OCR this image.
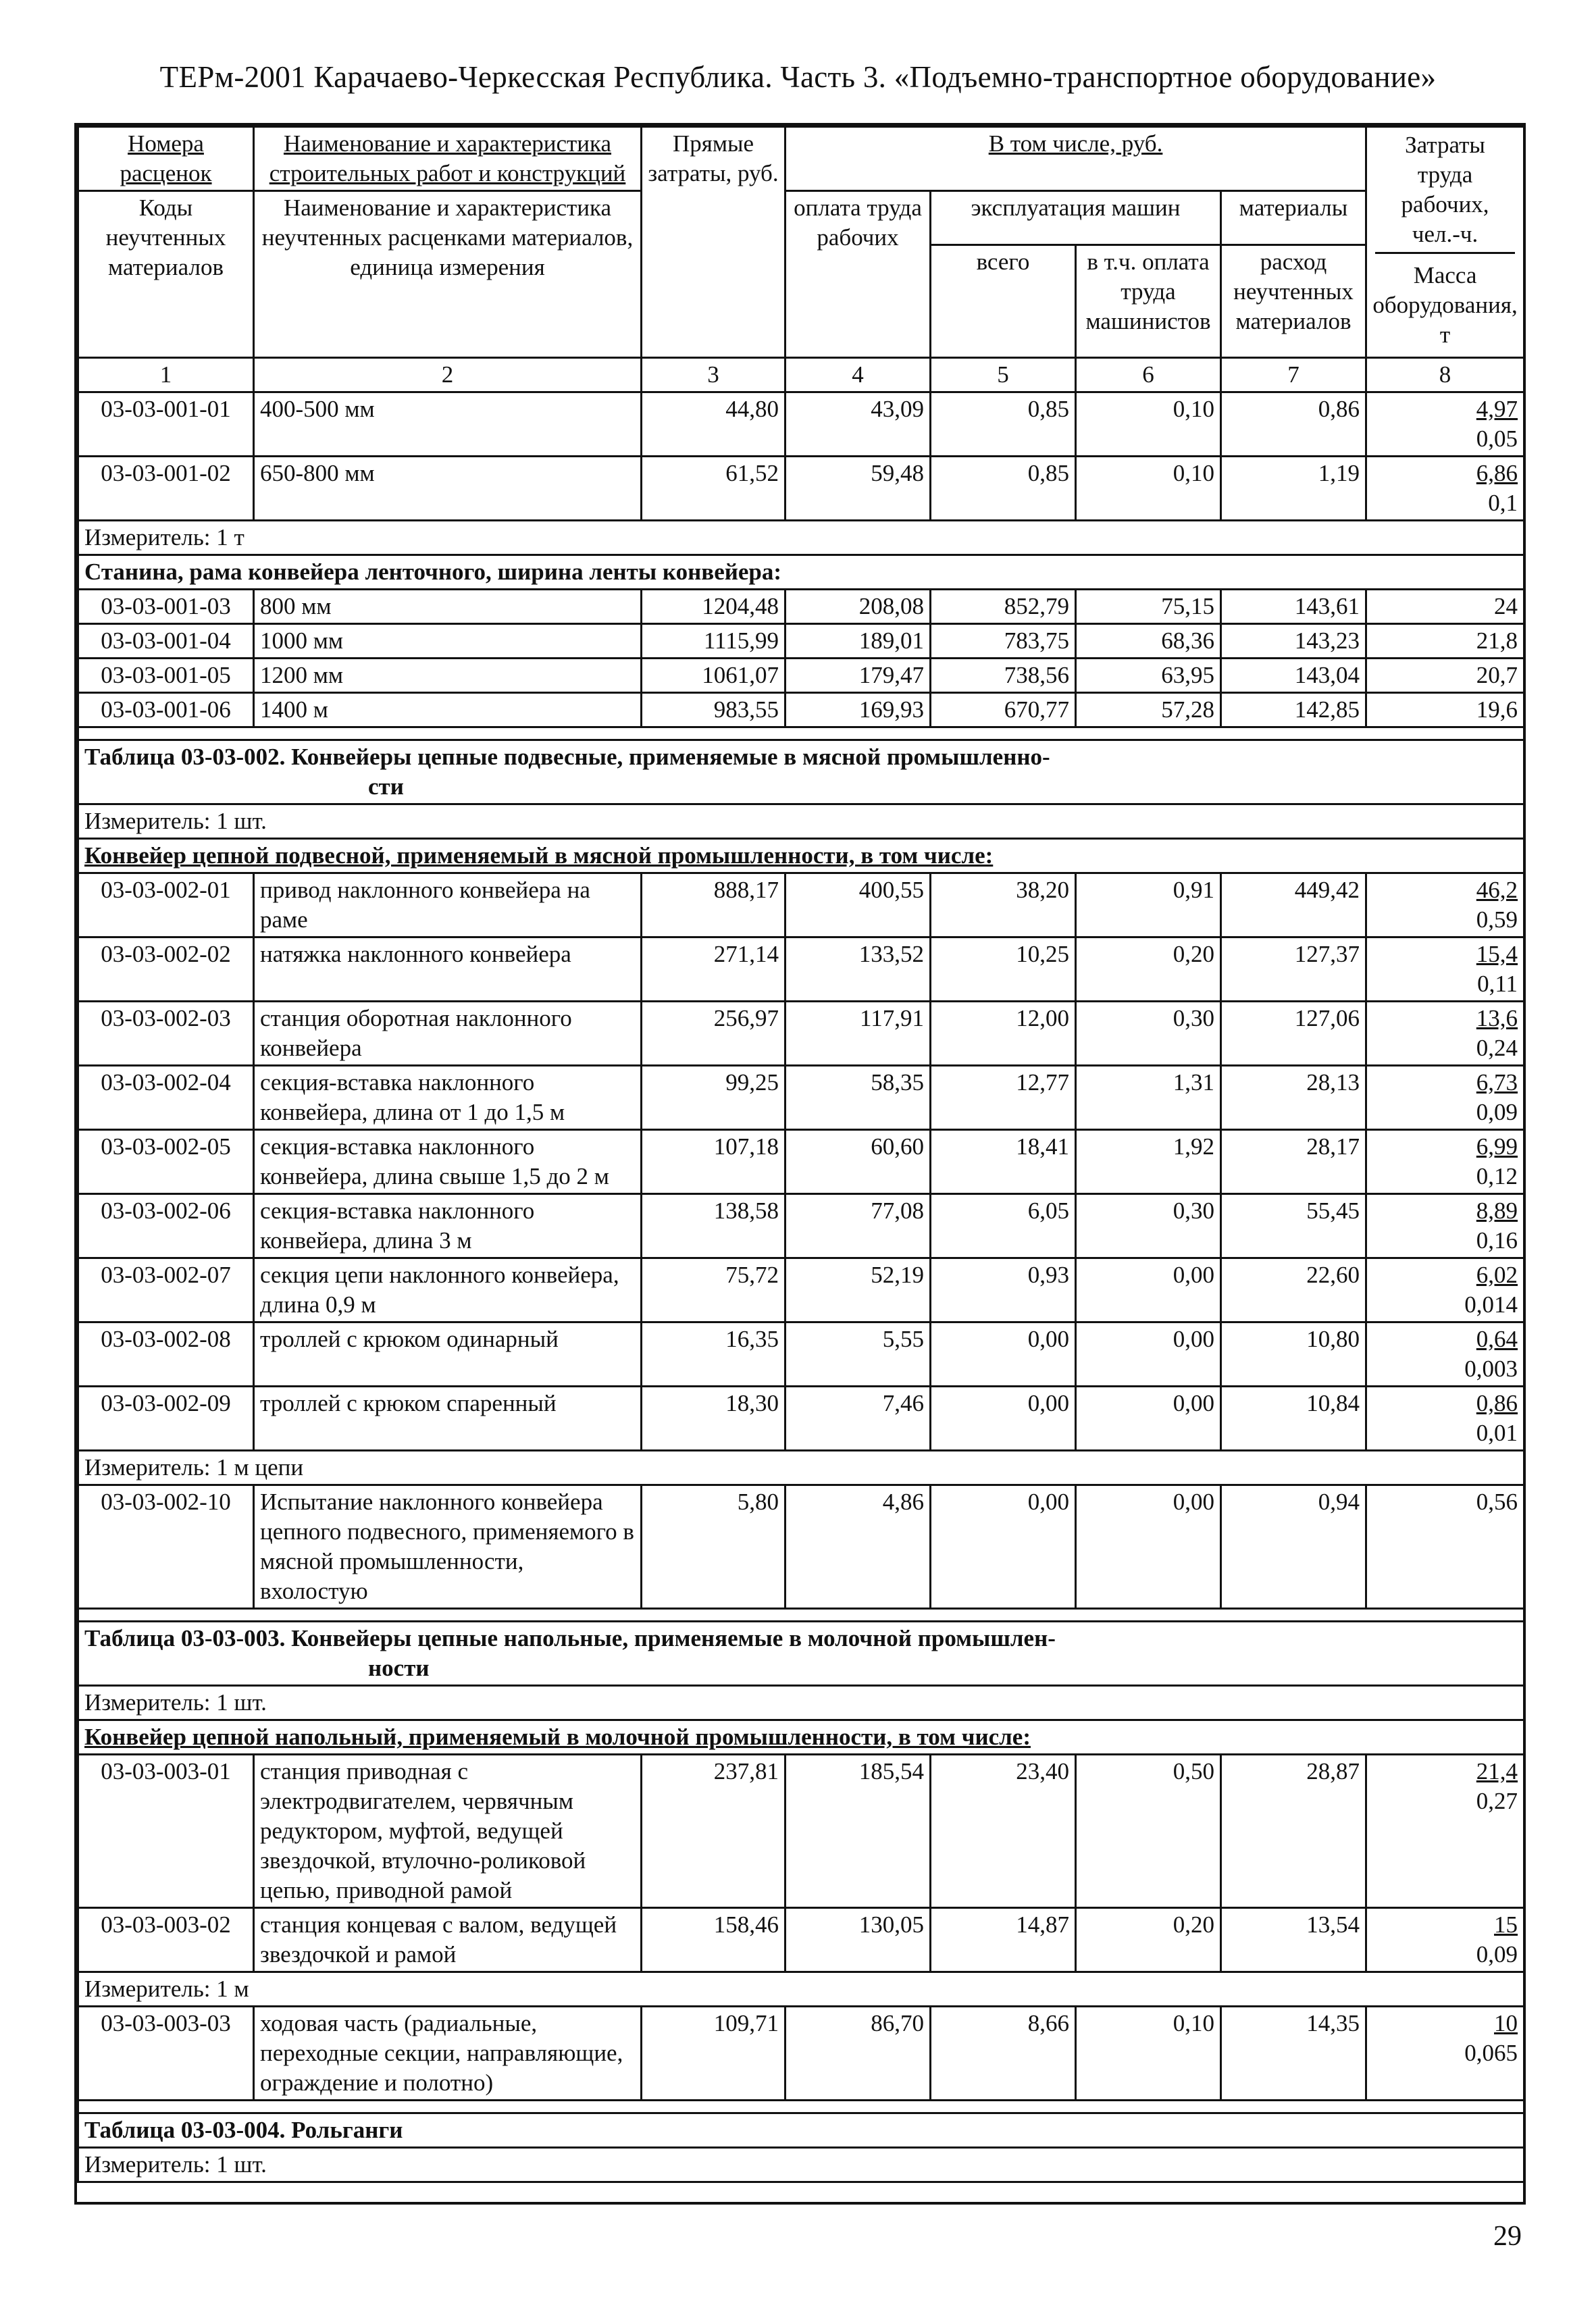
ТЕРм-2001 Карачаево-Черкесская Республика. Часть 3. «Подъемно-транспортное оборудование»
Номера расценок	Наименование и характеристика строительных работ и конструкций	Прямые затраты, руб.	В том числе, руб.				Затраты труда рабочих, чел.-ч.
Масса оборудования, т

Коды неучтенных материалов	Наименование и характеристика неучтенных расценками материалов, единица измерения		оплата труда рабочих	эксплуатация машин		материалы	
				всего	в т.ч. оплата труда машинистов	расход неучтенных материалов	

1	2	3	4	5	6	7	8
03-03-001-01	400-500 мм	44,80	43,09	0,85	0,10	0,86	4,97
0,05

03-03-001-02	650-800 мм	61,52	59,48	0,85	0,10	1,19	6,86
0,1

Измеритель: 1 т							
Станина, рама конвейера ленточного, ширина ленты конвейера:							
03-03-001-03	800 мм	1204,48	208,08	852,79	75,15	143,61	24

03-03-001-04	1000 мм	1115,99	189,01	783,75	68,36	143,23	21,8

03-03-001-05	1200 мм	1061,07	179,47	738,56	63,95	143,04	20,7

03-03-001-06	1400 м	983,55	169,93	670,77	57,28	142,85	19,6

Таблица 03-03-002. Конвейеры цепные подвесные, применяемые в мясной промышленно-
сти							

Измеритель: 1 шт.							
Конвейер цепной подвесной, применяемый в мясной промышленности, в том числе:							
03-03-002-01	привод наклонного конвейера на раме	888,17	400,55	38,20	0,91	449,42	46,2
0,59

03-03-002-02	натяжка наклонного конвейера	271,14	133,52	10,25	0,20	127,37	15,4
0,11

03-03-002-03	станция оборотная наклонного конвейера	256,97	117,91	12,00	0,30	127,06	13,6
0,24

03-03-002-04	секция-вставка наклонного конвейера, длина от 1 до 1,5 м	99,25	58,35	12,77	1,31	28,13	6,73
0,09

03-03-002-05	секция-вставка наклонного конвейера, длина свыше 1,5 до 2 м	107,18	60,60	18,41	1,92	28,17	6,99
0,12

03-03-002-06	секция-вставка наклонного конвейера, длина 3 м	138,58	77,08	6,05	0,30	55,45	8,89
0,16

03-03-002-07	секция цепи наклонного конвейера, длина 0,9 м	75,72	52,19	0,93	0,00	22,60	6,02
0,014

03-03-002-08	троллей с крюком одинарный	16,35	5,55	0,00	0,00	10,80	0,64
0,003

03-03-002-09	троллей с крюком спаренный	18,30	7,46	0,00	0,00	10,84	0,86
0,01

Измеритель: 1 м цепи							
03-03-002-10	Испытание наклонного конвейера цепного подвесного, применяемого в мясной промышленности, вхолостую	5,80	4,86	0,00	0,00	0,94	0,56

Таблица 03-03-003. Конвейеры цепные напольные, применяемые в молочной промышлен-
ности							

Измеритель: 1 шт.							
Конвейер цепной напольный, применяемый в молочной промышленности, в том числе:							
03-03-003-01	станция приводная с электродвигателем, червячным редуктором, муфтой, ведущей звездочкой, втулочно-роликовой цепью, приводной рамой	237,81	185,54	23,40	0,50	28,87	21,4
0,27

03-03-003-02	станция концевая с валом, ведущей звездочкой и рамой	158,46	130,05	14,87	0,20	13,54	15
0,09

Измеритель: 1 м							
03-03-003-03	ходовая часть (радиальные, переходные секции, направляющие, ограждение и полотно)	109,71	86,70	8,66	0,10	14,35	10
0,065

Таблица 03-03-004. Рольганги							
Измеритель: 1 шт.							
29
